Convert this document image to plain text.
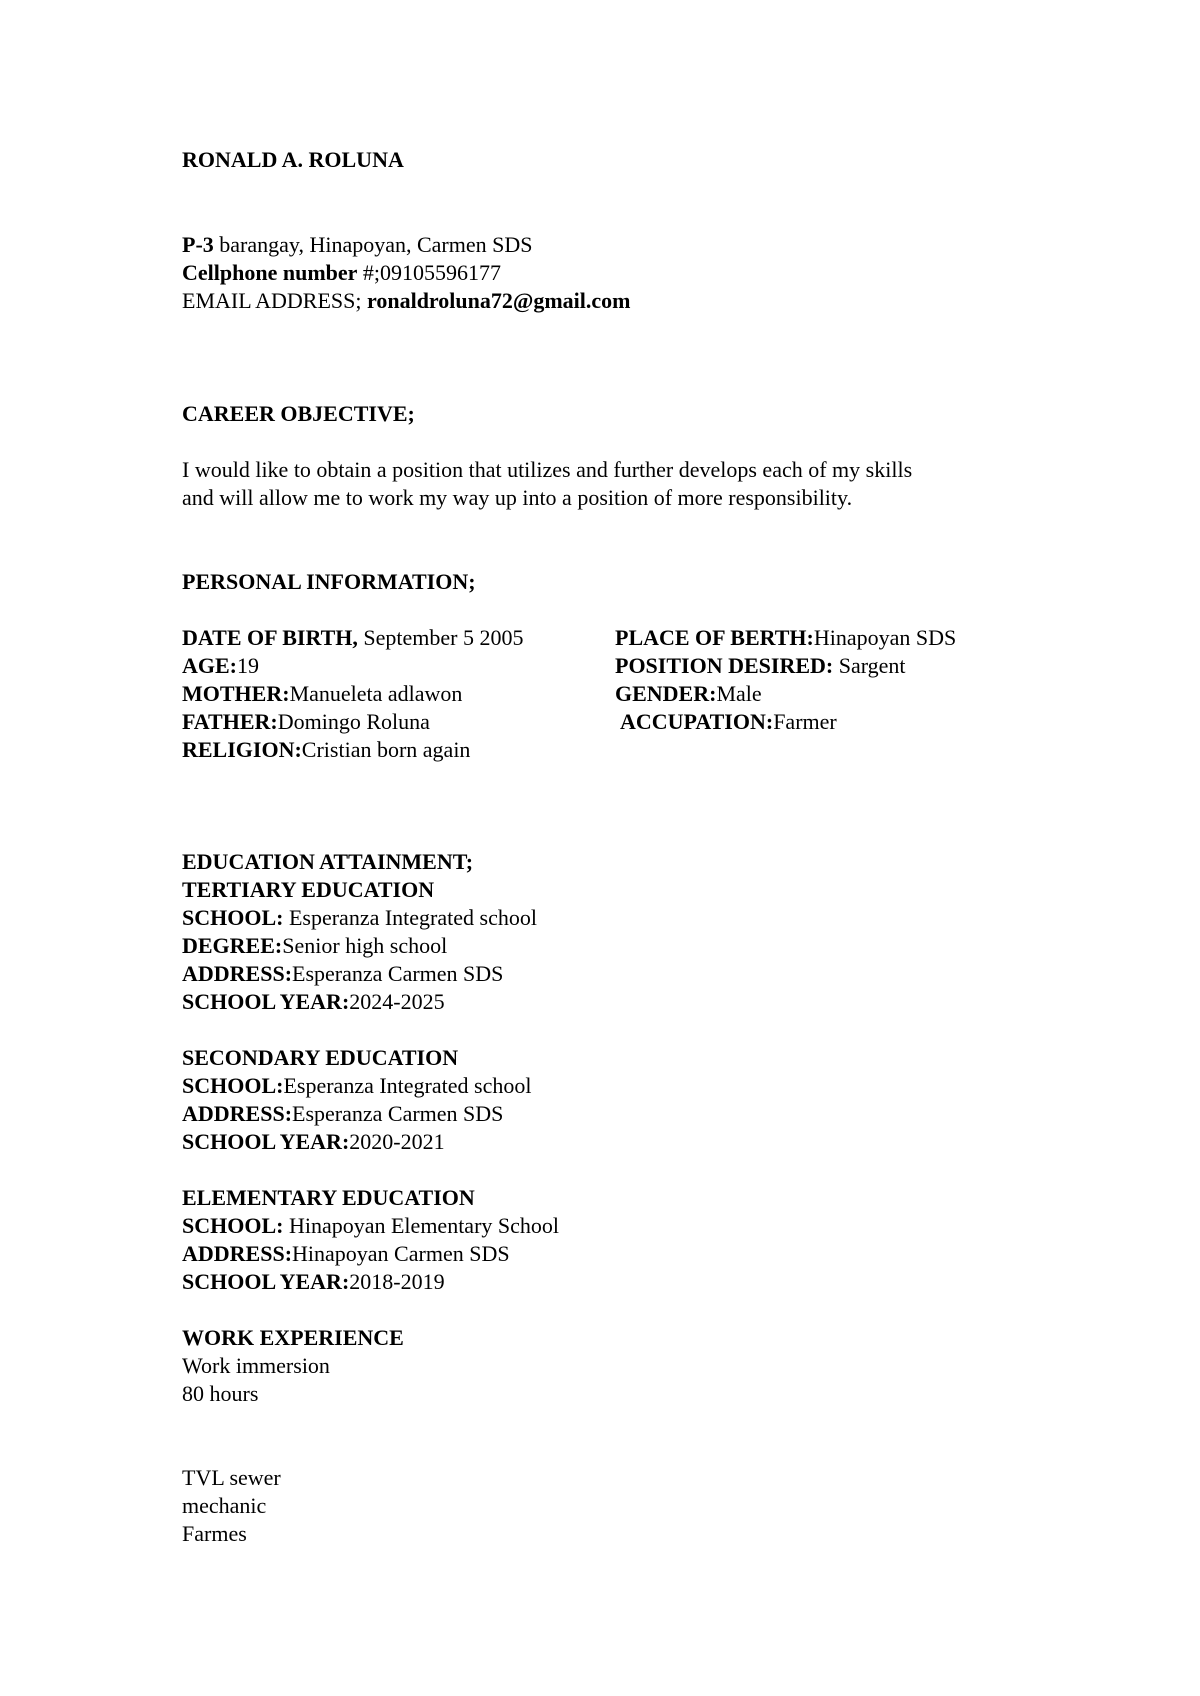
RONALD A. ROLUNA
P-3 barangay, Hinapoyan, Carmen SDS
Cellphone number #;09105596177
EMAIL ADDRESS; ronaldroluna72@gmail.com
CAREER OBJECTIVE;
I would like to obtain a position that utilizes and further develops each of my skills
and will allow me to work my way up into a position of more responsibility.
PERSONAL INFORMATION;
DATE OF BIRTH, September 5 2005
AGE:19
MOTHER:Manueleta adlawon
FATHER:Domingo Roluna
RELIGION:Cristian born again
PLACE OF BERTH:Hinapoyan SDS
POSITION DESIRED: Sargent
GENDER:Male
ACCUPATION:Farmer
EDUCATION ATTAINMENT;
TERTIARY EDUCATION
SCHOOL: Esperanza Integrated school
DEGREE:Senior high school
ADDRESS:Esperanza Carmen SDS
SCHOOL YEAR:2024-2025
SECONDARY EDUCATION
SCHOOL:Esperanza Integrated school
ADDRESS:Esperanza Carmen SDS
SCHOOL YEAR:2020-2021
ELEMENTARY EDUCATION
SCHOOL: Hinapoyan Elementary School
ADDRESS:Hinapoyan Carmen SDS
SCHOOL YEAR:2018-2019
WORK EXPERIENCE
Work immersion
80 hours
TVL sewer
mechanic
Farmes
